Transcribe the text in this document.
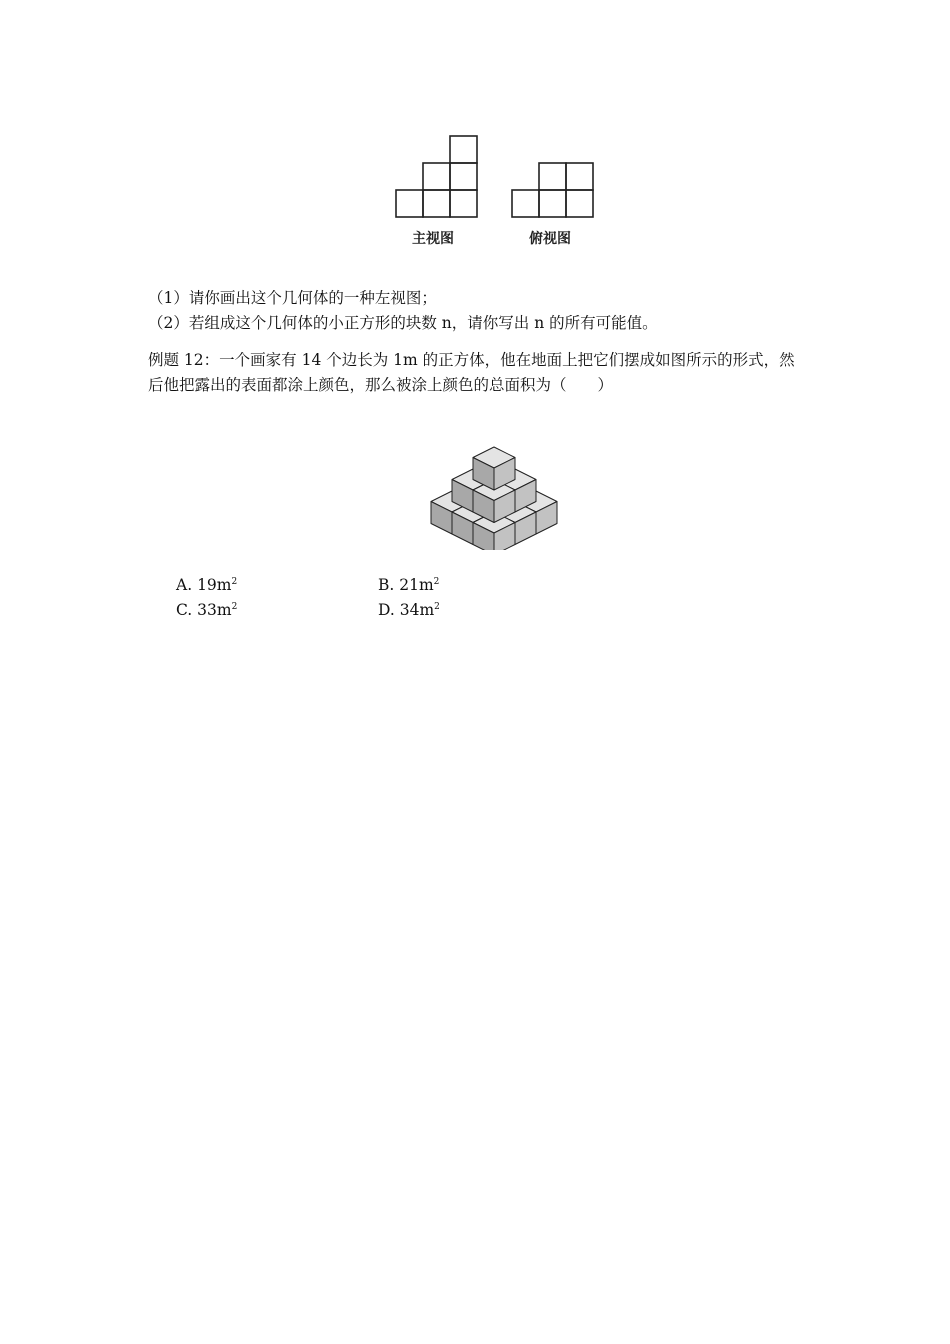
主视图	俯视图
（1）请你画出这个几何体的一种左视图；
（2）若组成这个几何体的小正方形的块数 n，请你写出 n 的所有可能值。
例题 12：一个画家有 14 个边长为 1m 的正方体，他在地面上把它们摆成如图所示的形式，然
后他把露出的表面都涂上颜色，那么被涂上颜色的总面积为（　　）
A. $19m^2$	B. $21m^2$
C. $33m^2$	D. $34m^2$
